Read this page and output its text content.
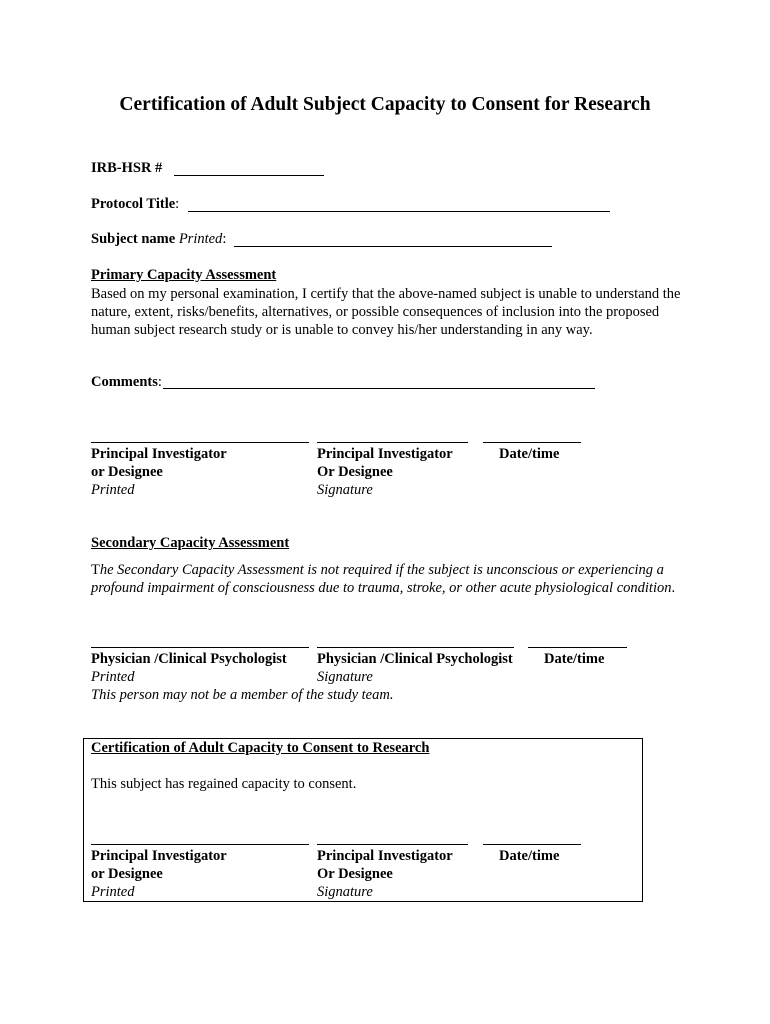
Certification of Adult Subject Capacity to Consent for Research
IRB-HSR #
Protocol Title:
Subject name Printed:
Primary Capacity Assessment
Based on my personal examination, I certify that the above-named subject is unable to understand the nature, extent, risks/benefits, alternatives, or possible consequences of inclusion into the proposed human subject research study or is unable to convey his/her understanding in any way.
Comments:
Principal Investigator
or Designee
Printed
Principal Investigator
Or Designee
Signature
Date/time
Secondary Capacity Assessment
The Secondary Capacity Assessment is not required if the subject is unconscious or experiencing a profound impairment of consciousness due to trauma, stroke, or other acute physiological condition.
Physician /Clinical Psychologist
Printed
Physician /Clinical Psychologist
Signature
Date/time
This person may not be a member of the study team.
Certification of Adult Capacity to Consent to Research
This subject has regained capacity to consent.
Principal Investigator
or Designee
Printed
Principal Investigator
Or Designee
Signature
Date/time
